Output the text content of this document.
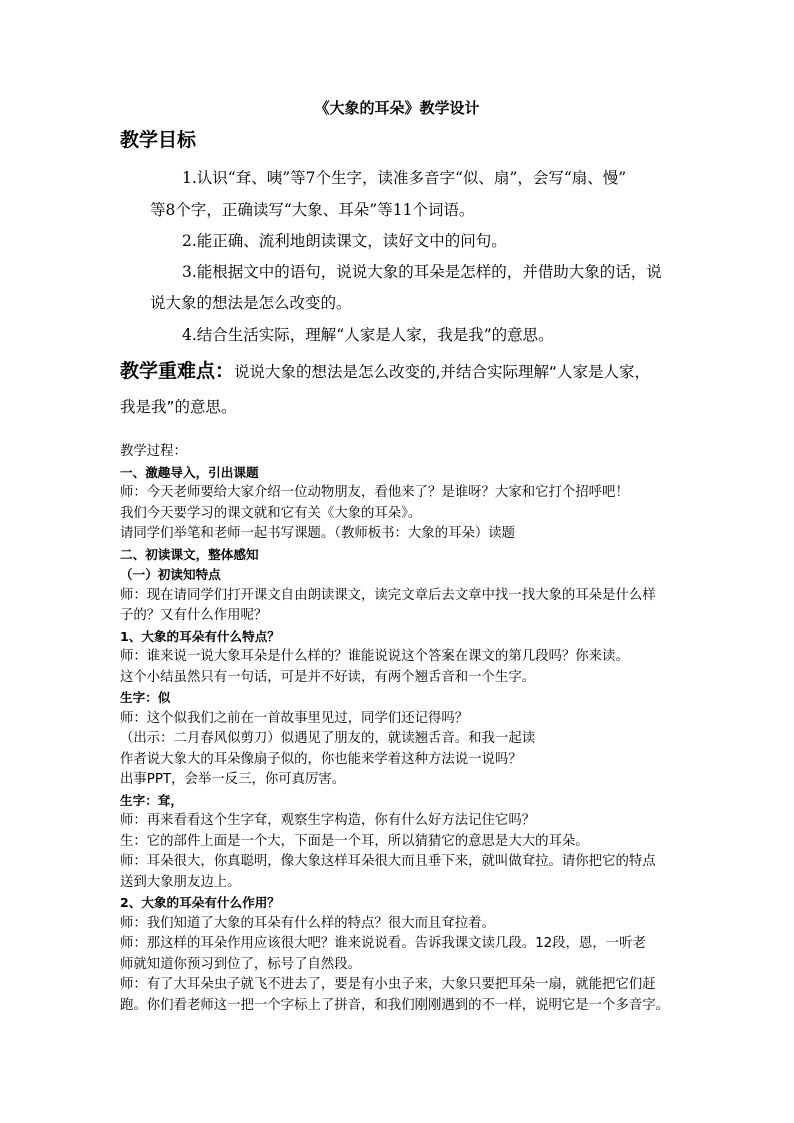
《大象的耳朵》教学设计
教学目标
1.认识“耷、咦”等7个生字，读准多音字“似、扇”，会写“扇、慢”
等8个字，正确读写“大象、耳朵”等11个词语。
2.能正确、流利地朗读课文，读好文中的问句。
3.能根据文中的语句，说说大象的耳朵是怎样的，并借助大象的话，说
说大象的想法是怎么改变的。
4.结合生活实际，理解“人家是人家，我是我”的意思。
教学重难点：说说大象的想法是怎么改变的,并结合实际理解“人家是人家，
我是我”的意思。
教学过程：
一、激趣导入，引出课题
师：今天老师要给大家介绍一位动物朋友，看他来了？是谁呀？大家和它打个招呼吧！
我们今天要学习的课文就和它有关《大象的耳朵》。
请同学们举笔和老师一起书写课题。（教师板书：大象的耳朵）读题
二、初读课文，整体感知
（一）初读知特点
师：现在请同学们打开课文自由朗读课文，读完文章后去文章中找一找大象的耳朵是什么样
子的？又有什么作用呢？
1、大象的耳朵有什么特点？
师：谁来说一说大象耳朵是什么样的？谁能说说这个答案在课文的第几段吗？你来读。
这个小结虽然只有一句话，可是并不好读，有两个翘舌音和一个生字。
生字：似
师：这个似我们之前在一首故事里见过，同学们还记得吗？
（出示：二月春风似剪刀）似遇见了朋友的，就读翘舌音。和我一起读
作者说大象大的耳朵像扇子似的，你也能来学着这种方法说一说吗？
出事PPT，会举一反三，你可真厉害。
生字：耷，
师：再来看看这个生字耷，观察生字构造，你有什么好方法记住它吗？
生：它的部件上面是一个大，下面是一个耳，所以猜猜它的意思是大大的耳朵。
师：耳朵很大，你真聪明，像大象这样耳朵很大而且垂下来，就叫做耷拉。请你把它的特点
送到大象朋友边上。
2、大象的耳朵有什么作用？
师：我们知道了大象的耳朵有什么样的特点？很大而且耷拉着。
师：那这样的耳朵作用应该很大吧？谁来说说看。告诉我课文读几段。12段，恩，一听老
师就知道你预习到位了，标号了自然段。
师：有了大耳朵虫子就飞不进去了，要是有小虫子来，大象只要把耳朵一扇，就能把它们赶
跑。你们看老师这一把一个字标上了拼音，和我们刚刚遇到的不一样，说明它是一个多音字。
